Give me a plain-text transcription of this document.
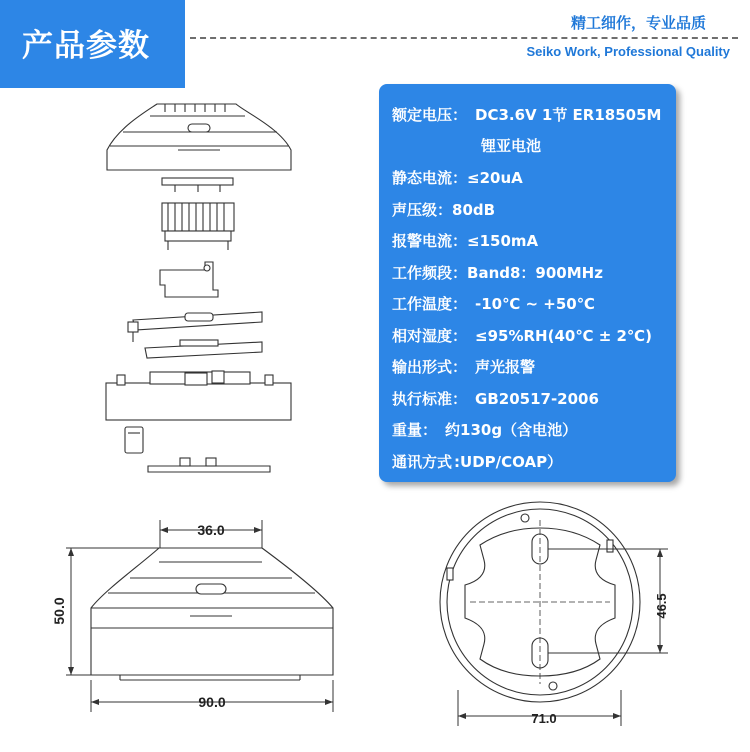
产品参数
精工细作，专业品质
Seiko Work, Professional Quality
36.0
50.0
90.0
46.5
71.0
额定电压： DC3.6V 1节 ER18505M
锂亚电池
静态电流：≤20uA
声压级：80dB
报警电流：≤150mA
工作频段：Band8：900MHz
工作温度： -10℃ ~ +50℃
相对湿度： ≤95%RH(40℃ ± 2℃)
输出形式： 声光报警
执行标准： GB20517-2006
重量： 约130g（含电池）
通讯方式 :UDP/COAP）
